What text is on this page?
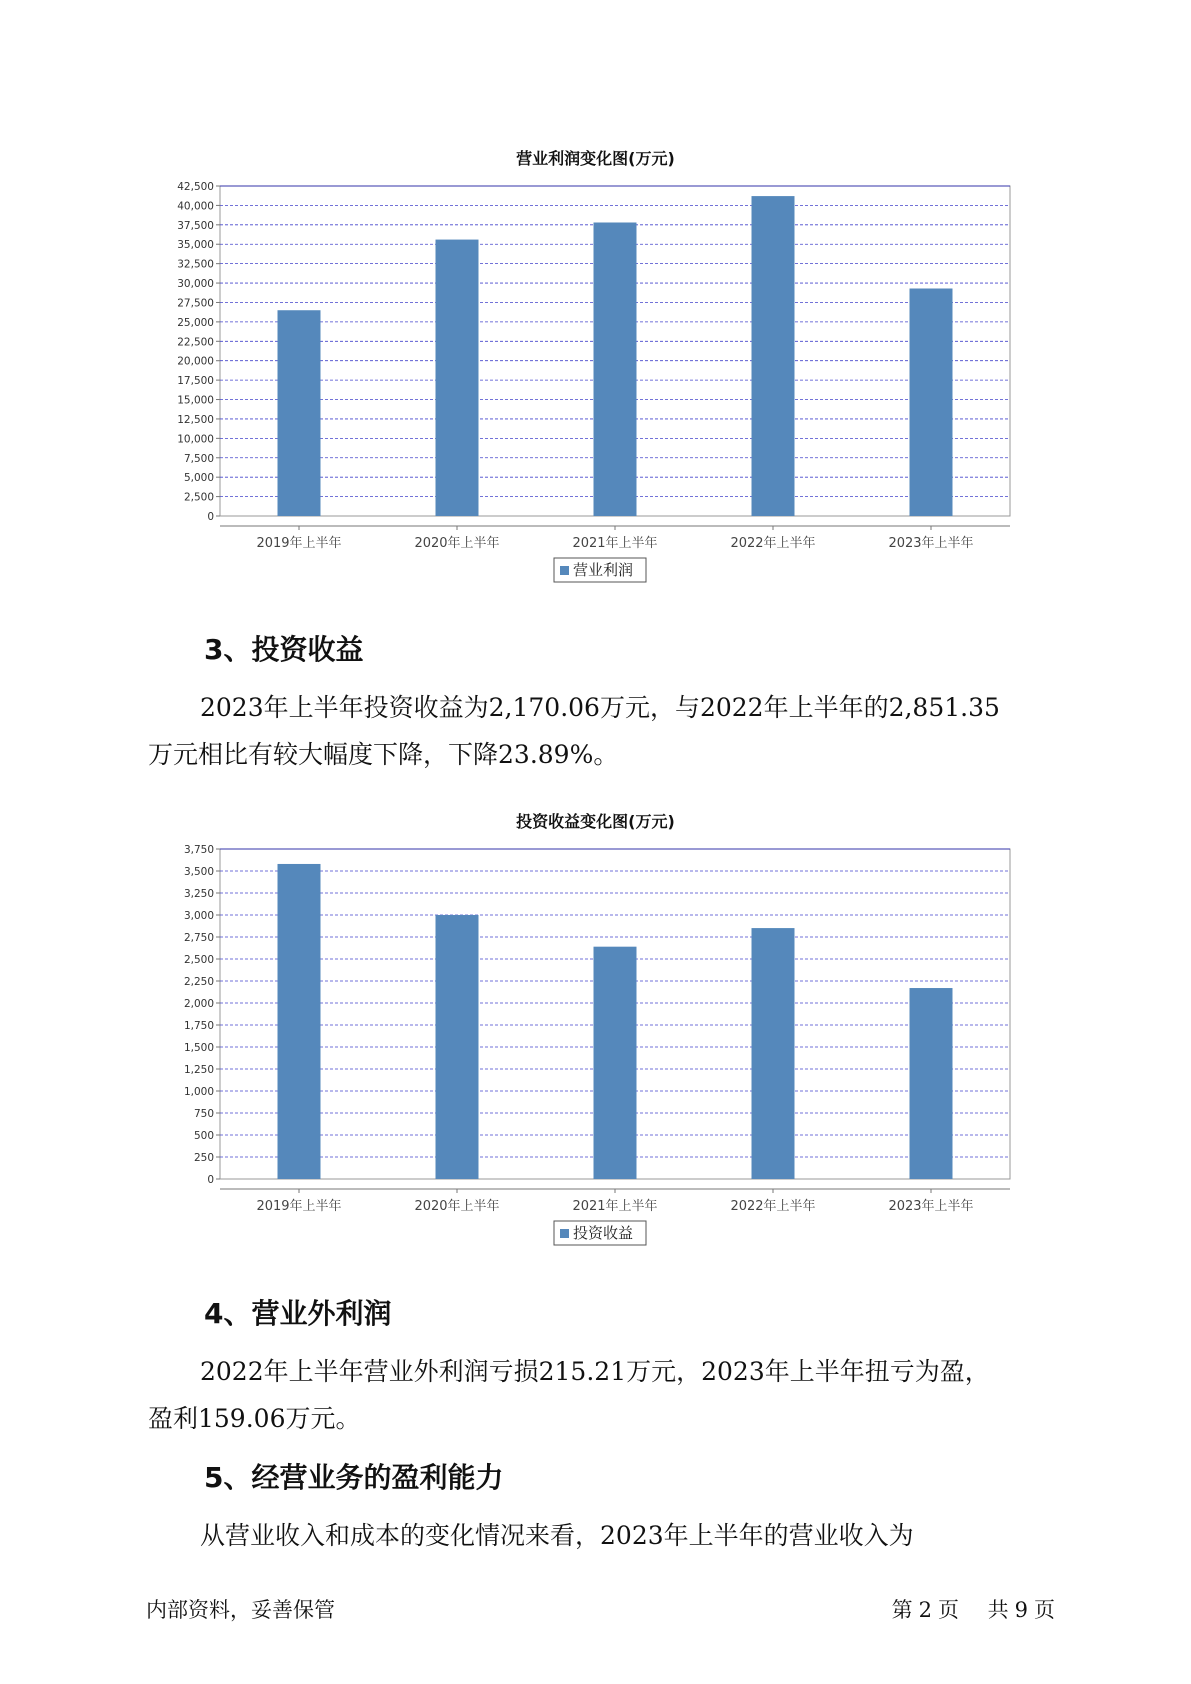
营业利润变化图(万元)
0
2,500
5,000
7,500
10,000
12,500
15,000
17,500
20,000
22,500
25,000
27,500
30,000
32,500
35,000
37,500
40,000
42,500
2019年上半年	2020年上半年	2021年上半年	2022年上半年	2023年上半年
营业利润
3、投资收益
2023年上半年投资收益为2,170.06万元，与2022年上半年的2,851.35
万元相比有较大幅度下降，下降23.89%。
投资收益变化图(万元)
0
250
500
750
1,000
1,250
1,500
1,750
2,000
2,250
2,500
2,750
3,000
3,250
3,500
3,750
2019年上半年	2020年上半年	2021年上半年	2022年上半年	2023年上半年
投资收益
4、营业外利润
2022年上半年营业外利润亏损215.21万元，2023年上半年扭亏为盈，
盈利159.06万元。
5、经营业务的盈利能力
从营业收入和成本的变化情况来看，2023年上半年的营业收入为
内部资料，妥善保管	第 2 页 共 9 页
